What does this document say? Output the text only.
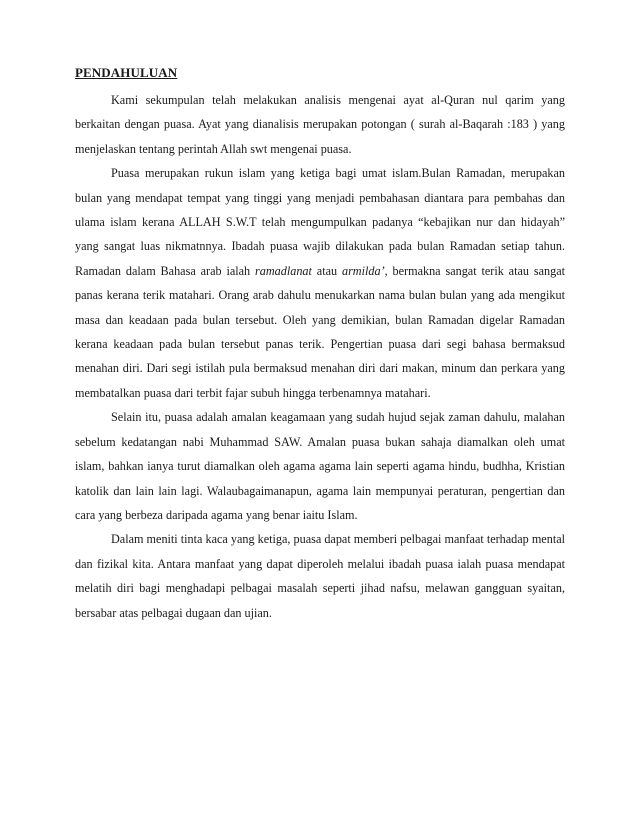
PENDAHULUAN

Kami sekumpulan telah melakukan analisis mengenai ayat al-Quran nul qarim yang berkaitan dengan puasa. Ayat yang dianalisis merupakan potongan ( surah al-Baqarah :183 ) yang menjelaskan tentang perintah Allah swt mengenai puasa.

Puasa merupakan rukun islam yang ketiga bagi umat islam.Bulan Ramadan, merupakan bulan yang mendapat tempat yang tinggi yang menjadi pembahasan diantara para pembahas dan ulama islam kerana ALLAH S.W.T telah mengumpulkan padanya “kebajikan nur dan hidayah” yang sangat luas nikmatnnya. Ibadah puasa wajib dilakukan pada bulan Ramadan setiap tahun. Ramadan dalam Bahasa arab ialah ramadlanat atau armilda’, bermakna sangat terik atau sangat panas kerana terik matahari. Orang arab dahulu menukarkan nama bulan bulan yang ada mengikut masa dan keadaan pada bulan tersebut. Oleh yang demikian, bulan Ramadan digelar Ramadan kerana keadaan pada bulan tersebut panas terik. Pengertian puasa dari segi bahasa bermaksud menahan diri. Dari segi istilah pula bermaksud menahan diri dari makan, minum dan perkara yang membatalkan puasa dari terbit fajar subuh hingga terbenamnya matahari.

Selain itu, puasa adalah amalan keagamaan yang sudah hujud sejak zaman dahulu, malahan sebelum kedatangan nabi Muhammad SAW. Amalan puasa bukan sahaja diamalkan oleh umat islam, bahkan ianya turut diamalkan oleh agama agama lain seperti agama hindu, budhha, Kristian katolik dan lain lain lagi. Walaubagaimanapun, agama lain mempunyai peraturan, pengertian dan cara yang berbeza daripada agama yang benar iaitu Islam.

Dalam meniti tinta kaca yang ketiga, puasa dapat memberi pelbagai manfaat terhadap mental dan fizikal kita. Antara manfaat yang dapat diperoleh melalui ibadah puasa ialah puasa mendapat melatih diri bagi menghadapi pelbagai masalah seperti jihad nafsu, melawan gangguan syaitan, bersabar atas pelbagai dugaan dan ujian.
